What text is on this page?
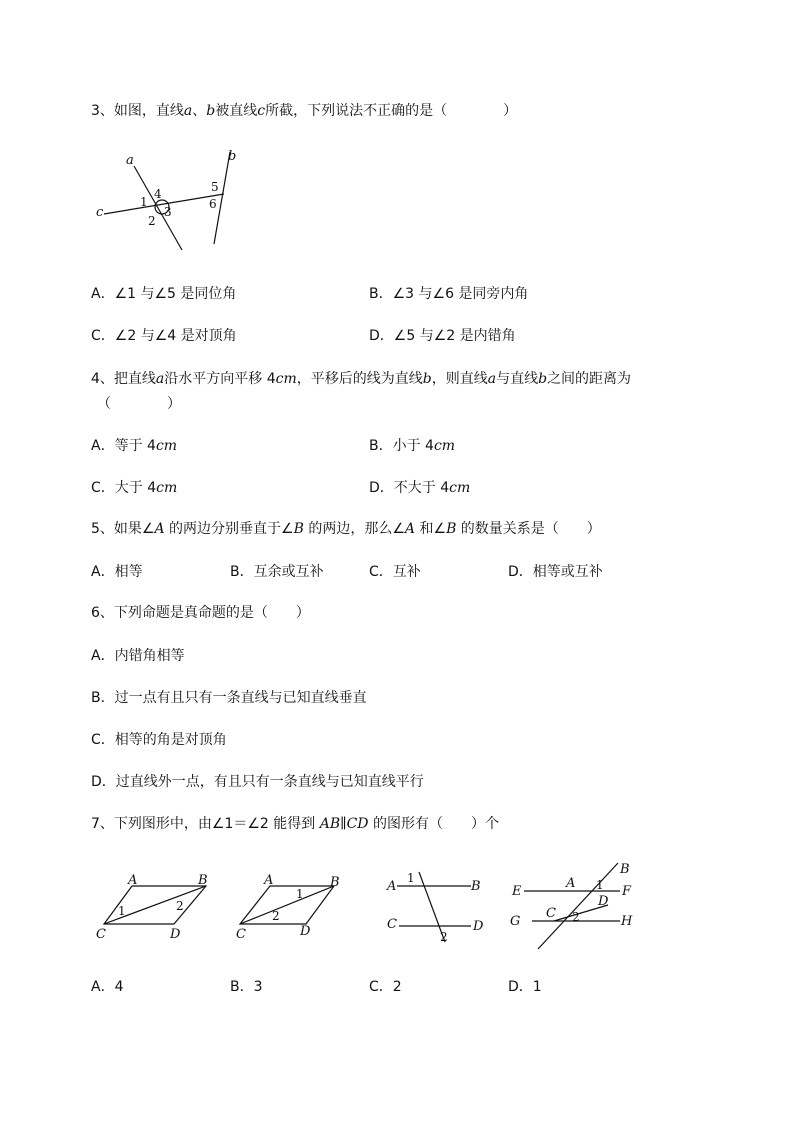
3、如图，直线a、b被直线c所截，下列说法不正确的是（　　　　）
a	b
c
1
2
3
4	5
6
A．∠1 与∠5 是同位角	B．∠3 与∠6 是同旁内角
C．∠2 与∠4 是对顶角	D．∠5 与∠2 是内错角
4、把直线a沿水平方向平移 4cm，平移后的线为直线b，则直线a与直线b之间的距离为
（　　　　）
A．等于 4cm	B．小于 4cm
C．大于 4cm	D．不大于 4cm
5、如果∠A 的两边分别垂直于∠B 的两边，那么∠A 和∠B 的数量关系是（　　）
A．相等	B．互余或互补	C．互补	D．相等或互补
6、下列命题是真命题的是（　　）
A．内错角相等
B．过一点有且只有一条直线与已知直线垂直
C．相等的角是对顶角
D．过直线外一点，有且只有一条直线与已知直线平行
7、下列图形中，由∠1＝∠2 能得到 AB∥CD 的图形有（　　）个
A	B
C	D
1	2
A	B
C	D
1
2
A	B
C	D
1
2
B
E
A 1 F
D
C 2
G	H
A．4	B．3	C．2	D．1
